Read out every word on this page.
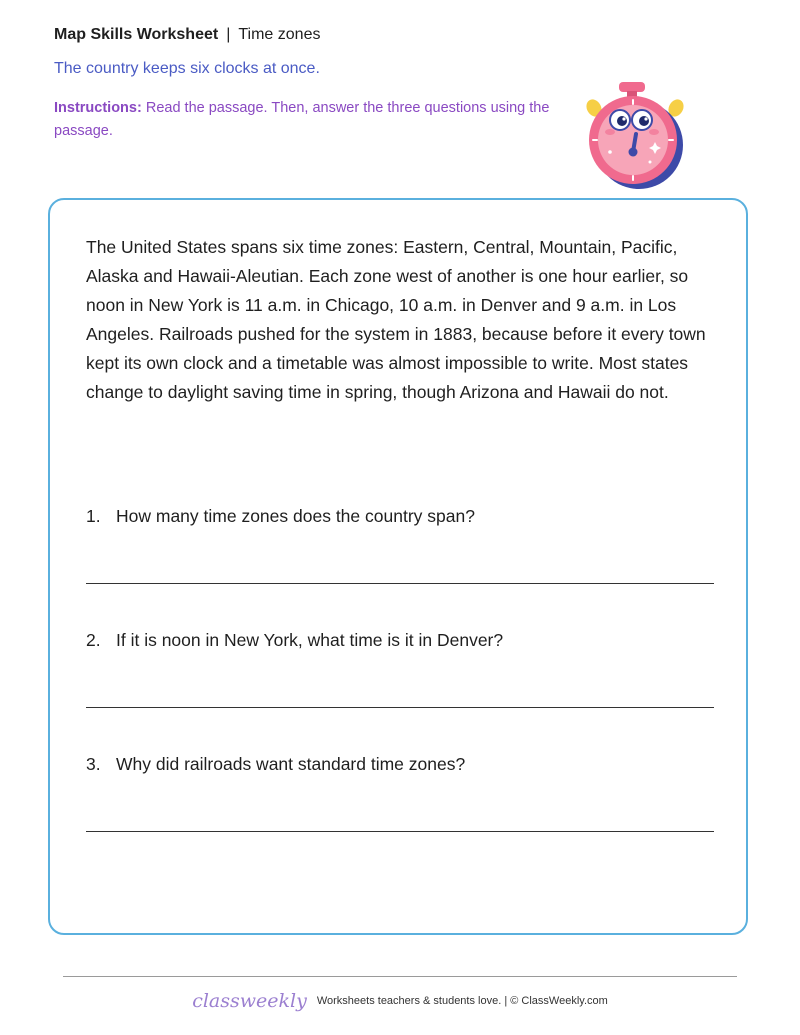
Map Skills Worksheet | Time zones
The country keeps six clocks at once.
Instructions: Read the passage. Then, answer the three questions using the passage.
The United States spans six time zones: Eastern, Central, Mountain, Pacific, Alaska and Hawaii-Aleutian. Each zone west of another is one hour earlier, so noon in New York is 11 a.m. in Chicago, 10 a.m. in Denver and 9 a.m. in Los Angeles. Railroads pushed for the system in 1883, because before it every town kept its own clock and a timetable was almost impossible to write. Most states change to daylight saving time in spring, though Arizona and Hawaii do not.
1. How many time zones does the country span?
2. If it is noon in New York, what time is it in Denver?
3. Why did railroads want standard time zones?
classweekly Worksheets teachers & students love. | © ClassWeekly.com
